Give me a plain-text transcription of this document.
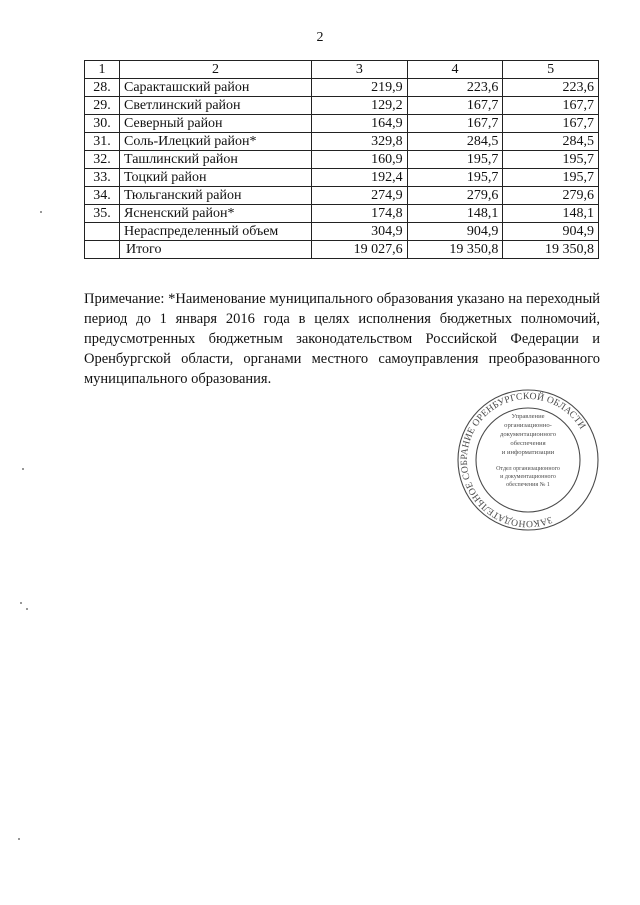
2
1	2	3	4	5
28.	Саракташский район	219,9	223,6	223,6
29.	Светлинский район	129,2	167,7	167,7
30.	Северный район	164,9	167,7	167,7
31.	Соль-Илецкий район*	329,8	284,5	284,5
32.	Ташлинский район	160,9	195,7	195,7
33.	Тоцкий район	192,4	195,7	195,7
34.	Тюльганский район	274,9	279,6	279,6
35.	Ясненский район*	174,8	148,1	148,1
	Нераспределенный объем	304,9	904,9	904,9
	Итого	19 027,6	19 350,8	19 350,8

Примечание: *Наименование муниципального образования указано на переходный период до 1 января 2016 года в целях исполнения бюджетных полномочий, предусмотренных бюджетным законодательством Российской Федерации и Оренбургской области, органами местного самоуправления преобразованного муниципального образования.

ЗАКОНОДАТЕЛЬНОЕ СОБРАНИЕ ОРЕНБУРГСКОЙ ОБЛАСТИ
Управление
организационно-
документационного
обеспечения
и информатизации
Отдел организационного
и документационного
обеспечения № 1
